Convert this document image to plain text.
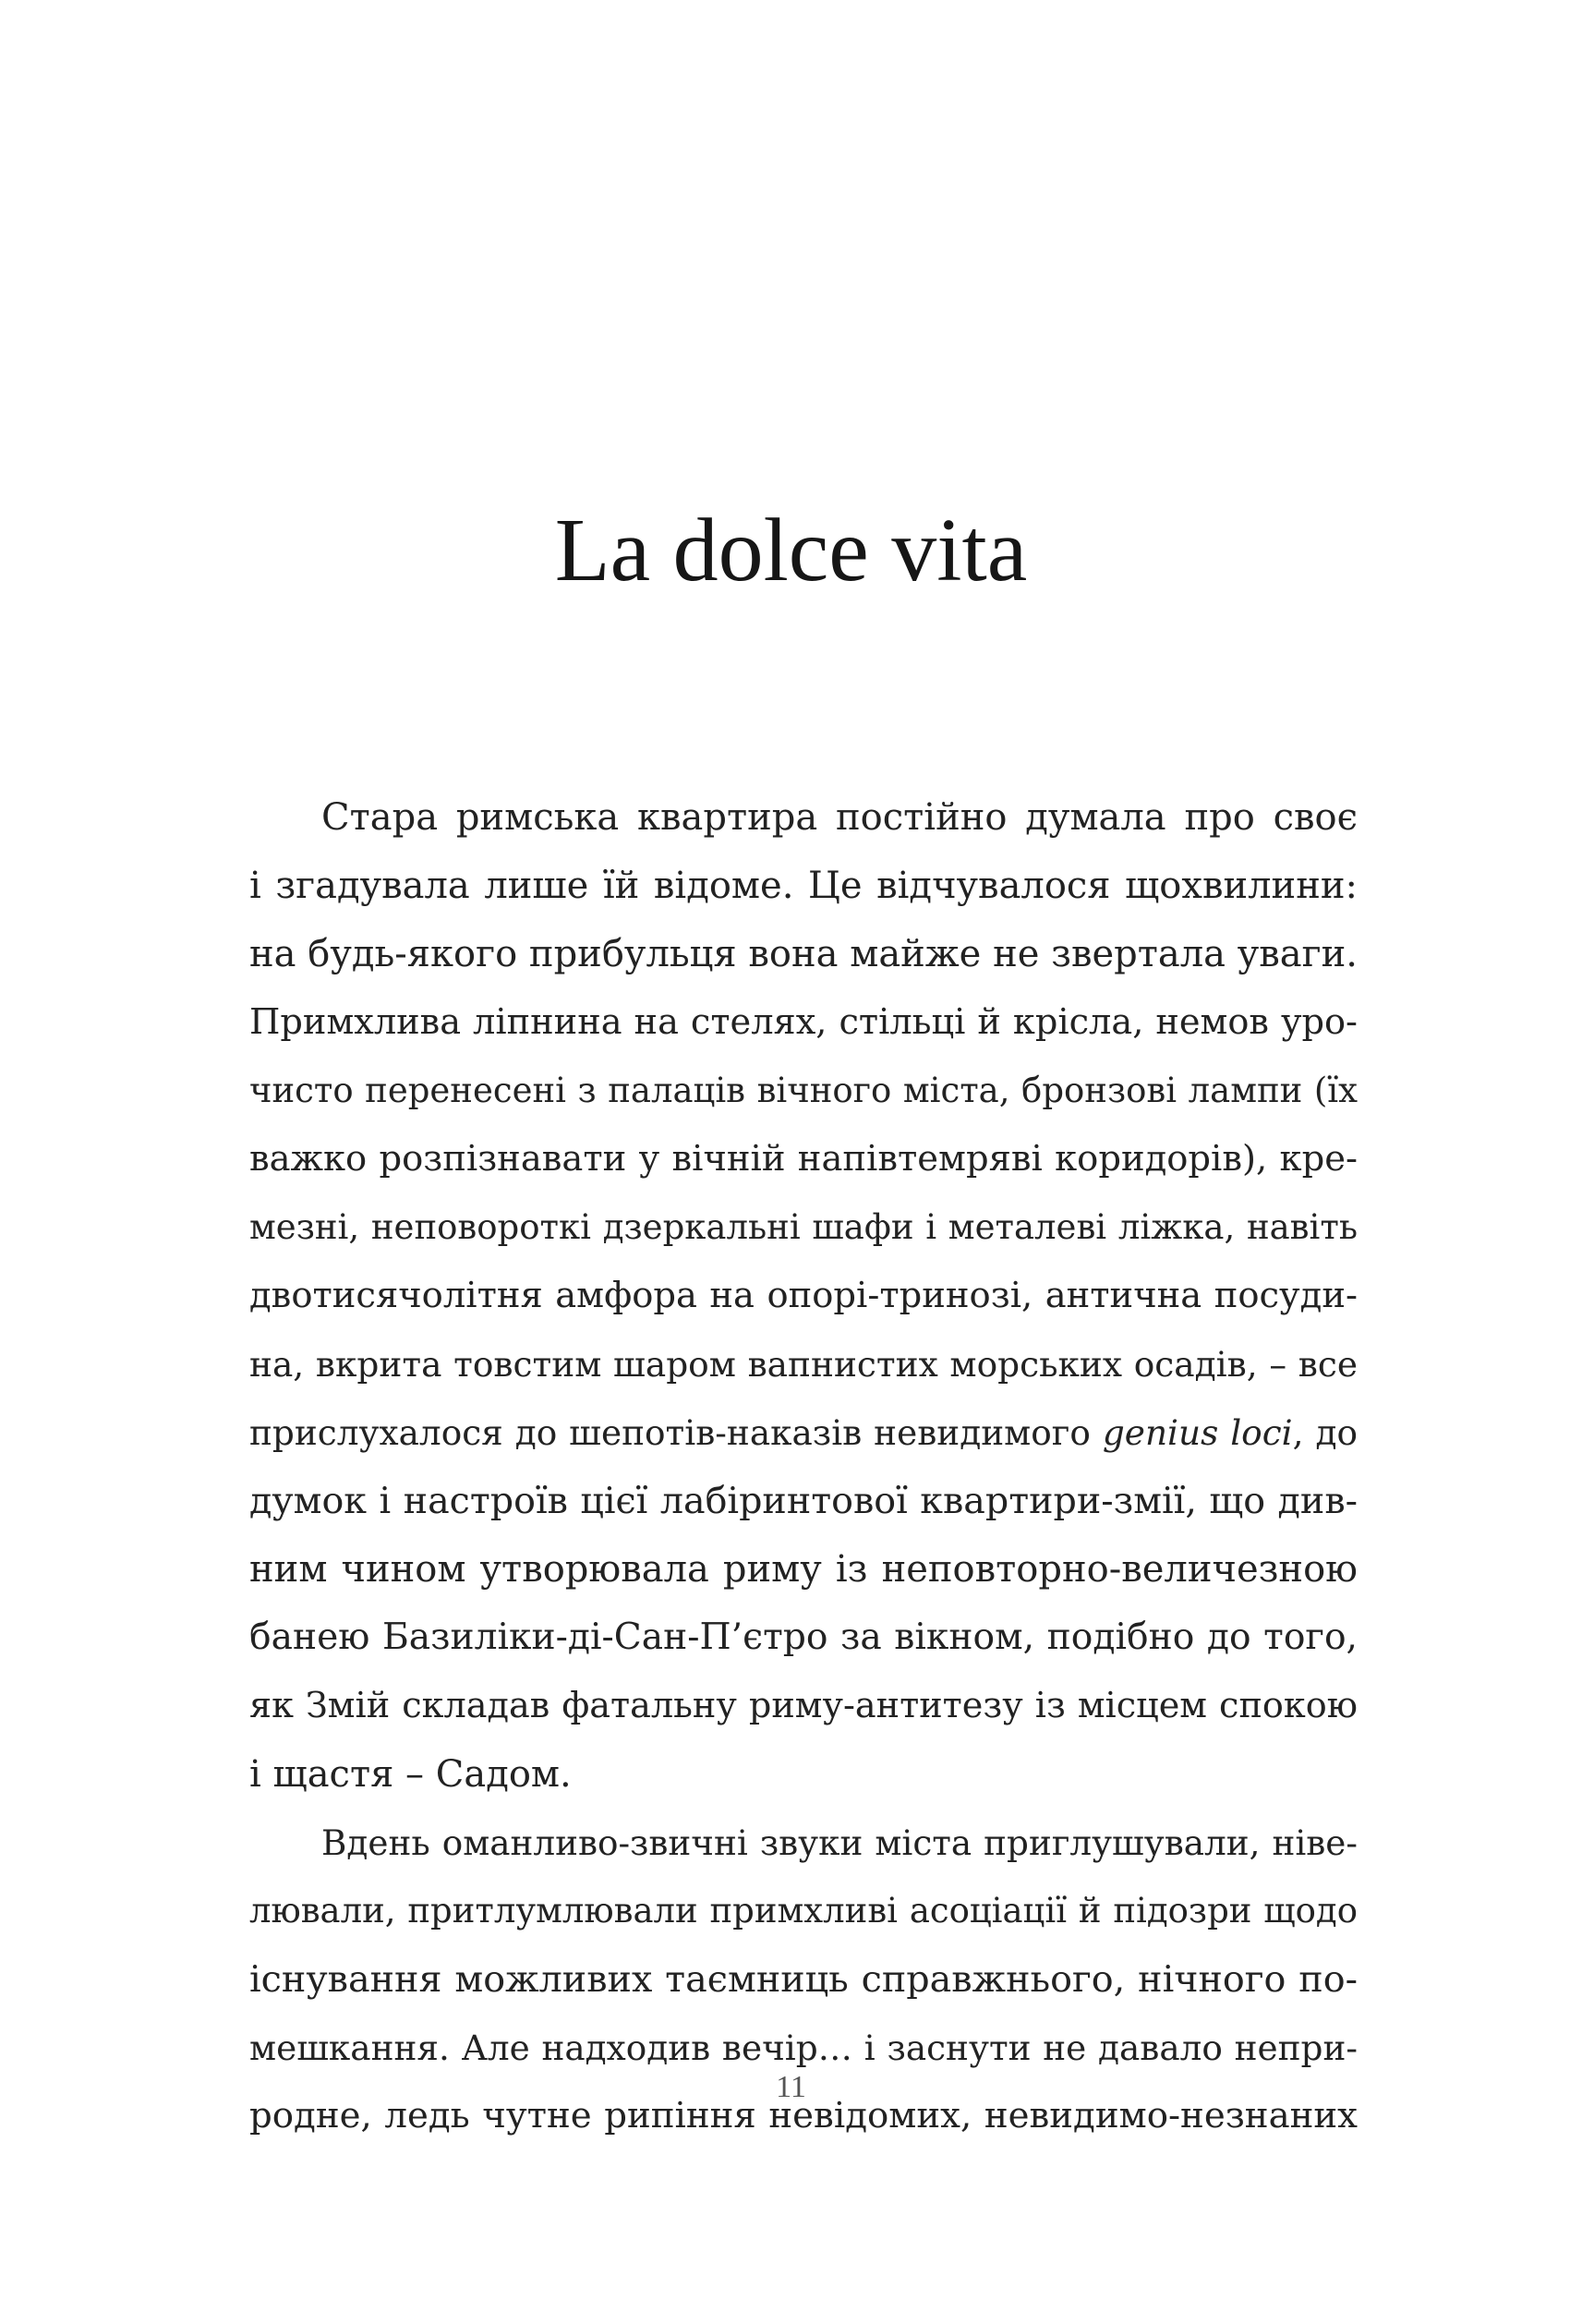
La dolce vita
Стара римська квартира постійно думала про своє
і згадувала лише їй відоме. Це відчувалося щохвилини:
на будь-якого прибульця вона майже не звертала уваги.
Примхлива ліпнина на стелях, стільці й крісла, немов уро-
чисто перенесені з палаців вічного міста, бронзові лампи (їх
важко розпізнавати у вічній напівтемряві коридорів), кре-
мезні, неповороткі дзеркальні шафи і металеві ліжка, навіть
двотисячолітня амфора на опорі-тринозі, антична посуди-
на, вкрита товстим шаром вапнистих морських осадів, – все
прислухалося до шепотів-наказів невидимого genius loci, до
думок і настроїв цієї лабіринтової квартири-змії, що див-
ним чином утворювала риму із неповторно-величезною
банею Базиліки-ді-Сан-П’єтро за вікном, подібно до того,
як Змій складав фатальну риму-антитезу із місцем спокою
і щастя – Садом.
Вдень оманливо-звичні звуки міста приглушували, ніве-
лювали, притлумлювали примхливі асоціації й підозри щодо
існування можливих таємниць справжнього, нічного по-
мешкання. Але надходив вечір… і заснути не давало непри-
родне, ледь чутне рипіння невідомих, невидимо-незнаних
11
